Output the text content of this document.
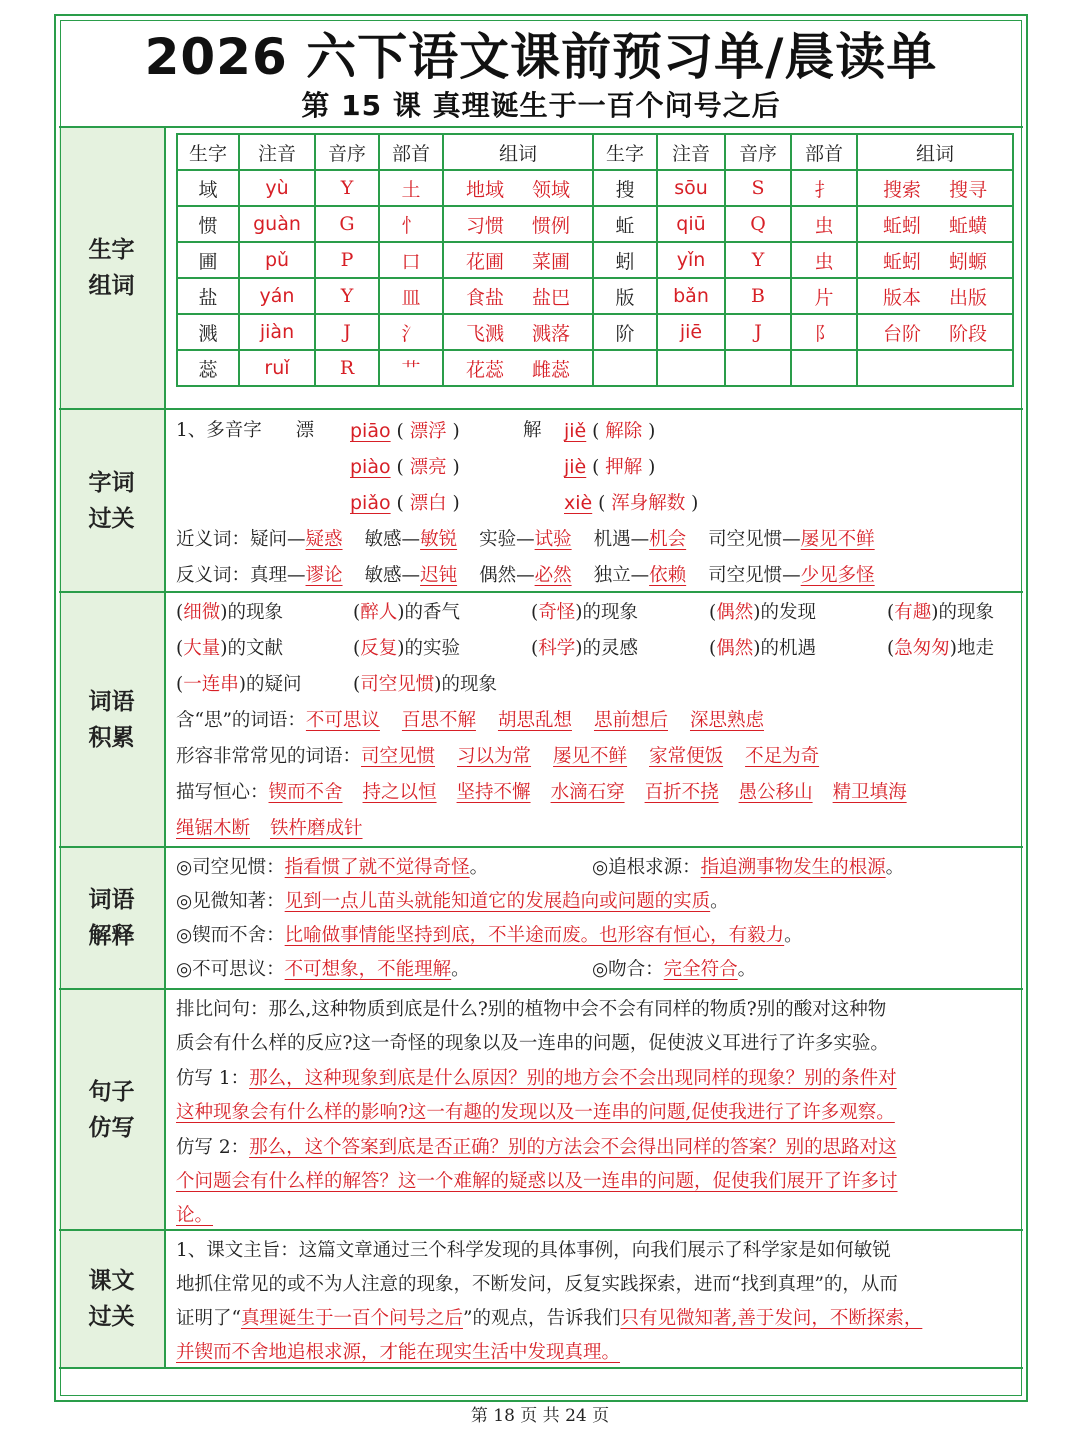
2026 六下语文课前预习单/晨读单
第 15 课 真理诞生于一百个问号之后
生字
组词
生字	注音	音序	部首	组词	生字	注音	音序	部首	组词
域	yù	Y	土	地域 领域	搜	sōu	S	扌	搜索 搜寻
惯	guàn	G	忄	习惯 惯例	蚯	qiū	Q	虫	蚯蚓 蚯蟥
圃	pǔ	P	口	花圃 菜圃	蚓	yǐn	Y	虫	蚯蚓 蚓螈
盐	yán	Y	皿	食盐 盐巴	版	bǎn	B	片	版本 出版
溅	jiàn	J	氵	飞溅 溅落	阶	jiē	J	阝	台阶 阶段
蕊	ruǐ	R	艹	花蕊 雌蕊					
字词
过关
1、多音字 漂 piāo ( 漂浮 )
piào ( 漂亮 )
piǎo ( 漂白 )
解 jiě ( 解除 )
jiè ( 押解 )
xiè ( 浑身解数 )
近义词：疑问—疑惑 敏感—敏锐 实验—试验 机遇—机会 司空见惯—屡见不鲜
反义词：真理—谬论 敏感—迟钝 偶然—必然 独立—依赖 司空见惯—少见多怪
词语
积累
含“思”的词语：不可思议 百思不解 胡思乱想 思前想后 深思熟虑
形容非常常见的词语：司空见惯 习以为常 屡见不鲜 家常便饭 不足为奇
描写恒心：锲而不舍 持之以恒 坚持不懈 水滴石穿 百折不挠 愚公移山 精卫填海
绳锯木断 铁杵磨成针
(细微)的现象	(醉人)的香气	(奇怪)的现象	(偶然)的发现	(有趣)的现象
(大量)的文献	(反复)的实验	(科学)的灵感	(偶然)的机遇	(急匆匆)地走
(一连串)的疑问	(司空见惯)的现象
词语
解释
◎司空见惯：指看惯了就不觉得奇怪。	◎追根求源：指追溯事物发生的根源。
◎见微知著：见到一点儿苗头就能知道它的发展趋向或问题的实质。
◎锲而不舍：比喻做事情能坚持到底，不半途而废。也形容有恒心，有毅力。
◎不可思议：不可想象，不能理解。	◎吻合：完全符合。
句子
仿写
排比问句：那么,这种物质到底是什么?别的植物中会不会有同样的物质?别的酸对这种物
质会有什么样的反应?这一奇怪的现象以及一连串的问题，促使波义耳进行了许多实验。
仿写 1：那么，这种现象到底是什么原因？别的地方会不会出现同样的现象？别的条件对
这种现象会有什么样的影响?这一有趣的发现以及一连串的问题,促使我进行了许多观察。
仿写 2：那么，这个答案到底是否正确？别的方法会不会得出同样的答案？别的思路对这
个问题会有什么样的解答？这一个难解的疑惑以及一连串的问题，促使我们展开了许多讨
论。
课文
过关
1、课文主旨：这篇文章通过三个科学发现的具体事例，向我们展示了科学家是如何敏锐
地抓住常见的或不为人注意的现象，不断发问，反复实践探索，进而“找到真理”的，从而
证明了“真理诞生于一百个问号之后”的观点，告诉我们只有见微知著,善于发问，不断探索，
并锲而不舍地追根求源，才能在现实生活中发现真理。
第 18 页 共 24 页
